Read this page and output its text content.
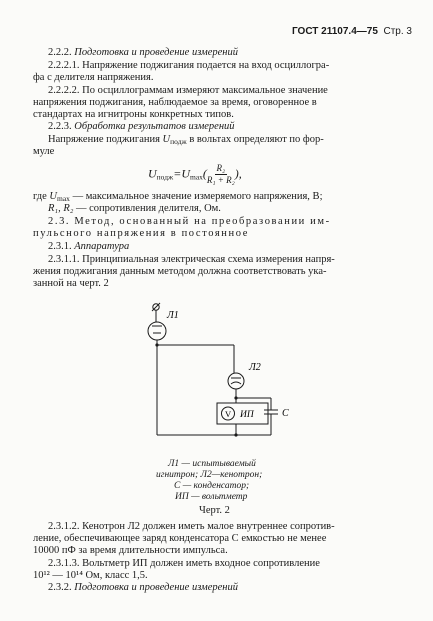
ГОСТ 21107.4—75 Стр. 3
2.2.2. Подготовка и проведение измерений
2.2.2.1. Напряжение поджигания подается на вход осциллогра-
фа с делителя напряжения.
2.2.2.2. По осциллограммам измеряют максимальное значение
напряжения поджигания, наблюдаемое за время, оговоренное в
стандартах на игнитроны конкретных типов.
2.2.3. Обработка результатов измерений
Напряжение поджигания $U_{подж}$ в вольтах определяют по фор-
муле
$U_{подж}=U_{max}( \frac{\text{R₂}}{\text{R₁ + R₂}}$ ),
где $U_{max}$ — максимальное значение измеряемого напряжения, В;
R₁, R₂ — сопротивления делителя, Ом.
2.3. Метод, основанный на преобразовании им-
пульсного напряжения в постоянное
2.3.1. Аппаратура
2.3.1.1. Принципиальная электрическая схема измерения напря-
жения поджигания данным методом должна соответствовать ука-
занной на черт. 2
Л1
Л2
V ИП	С
Л1 — испытываемый
игнитрон; Л2—кенотрон;
С — конденсатор;
ИП — вольтметр
Черт. 2
2.3.1.2. Кенотрон Л2 должен иметь малое внутреннее сопротив-
ление, обеспечивающее заряд конденсатора С емкостью не менее
10000 пФ за время длительности импульса.
2.3.1.3. Вольтметр ИП должен иметь входное сопротивление
10¹² — 10¹⁴ Ом, класс 1,5.
2.3.2. Подготовка и проведение измерений
